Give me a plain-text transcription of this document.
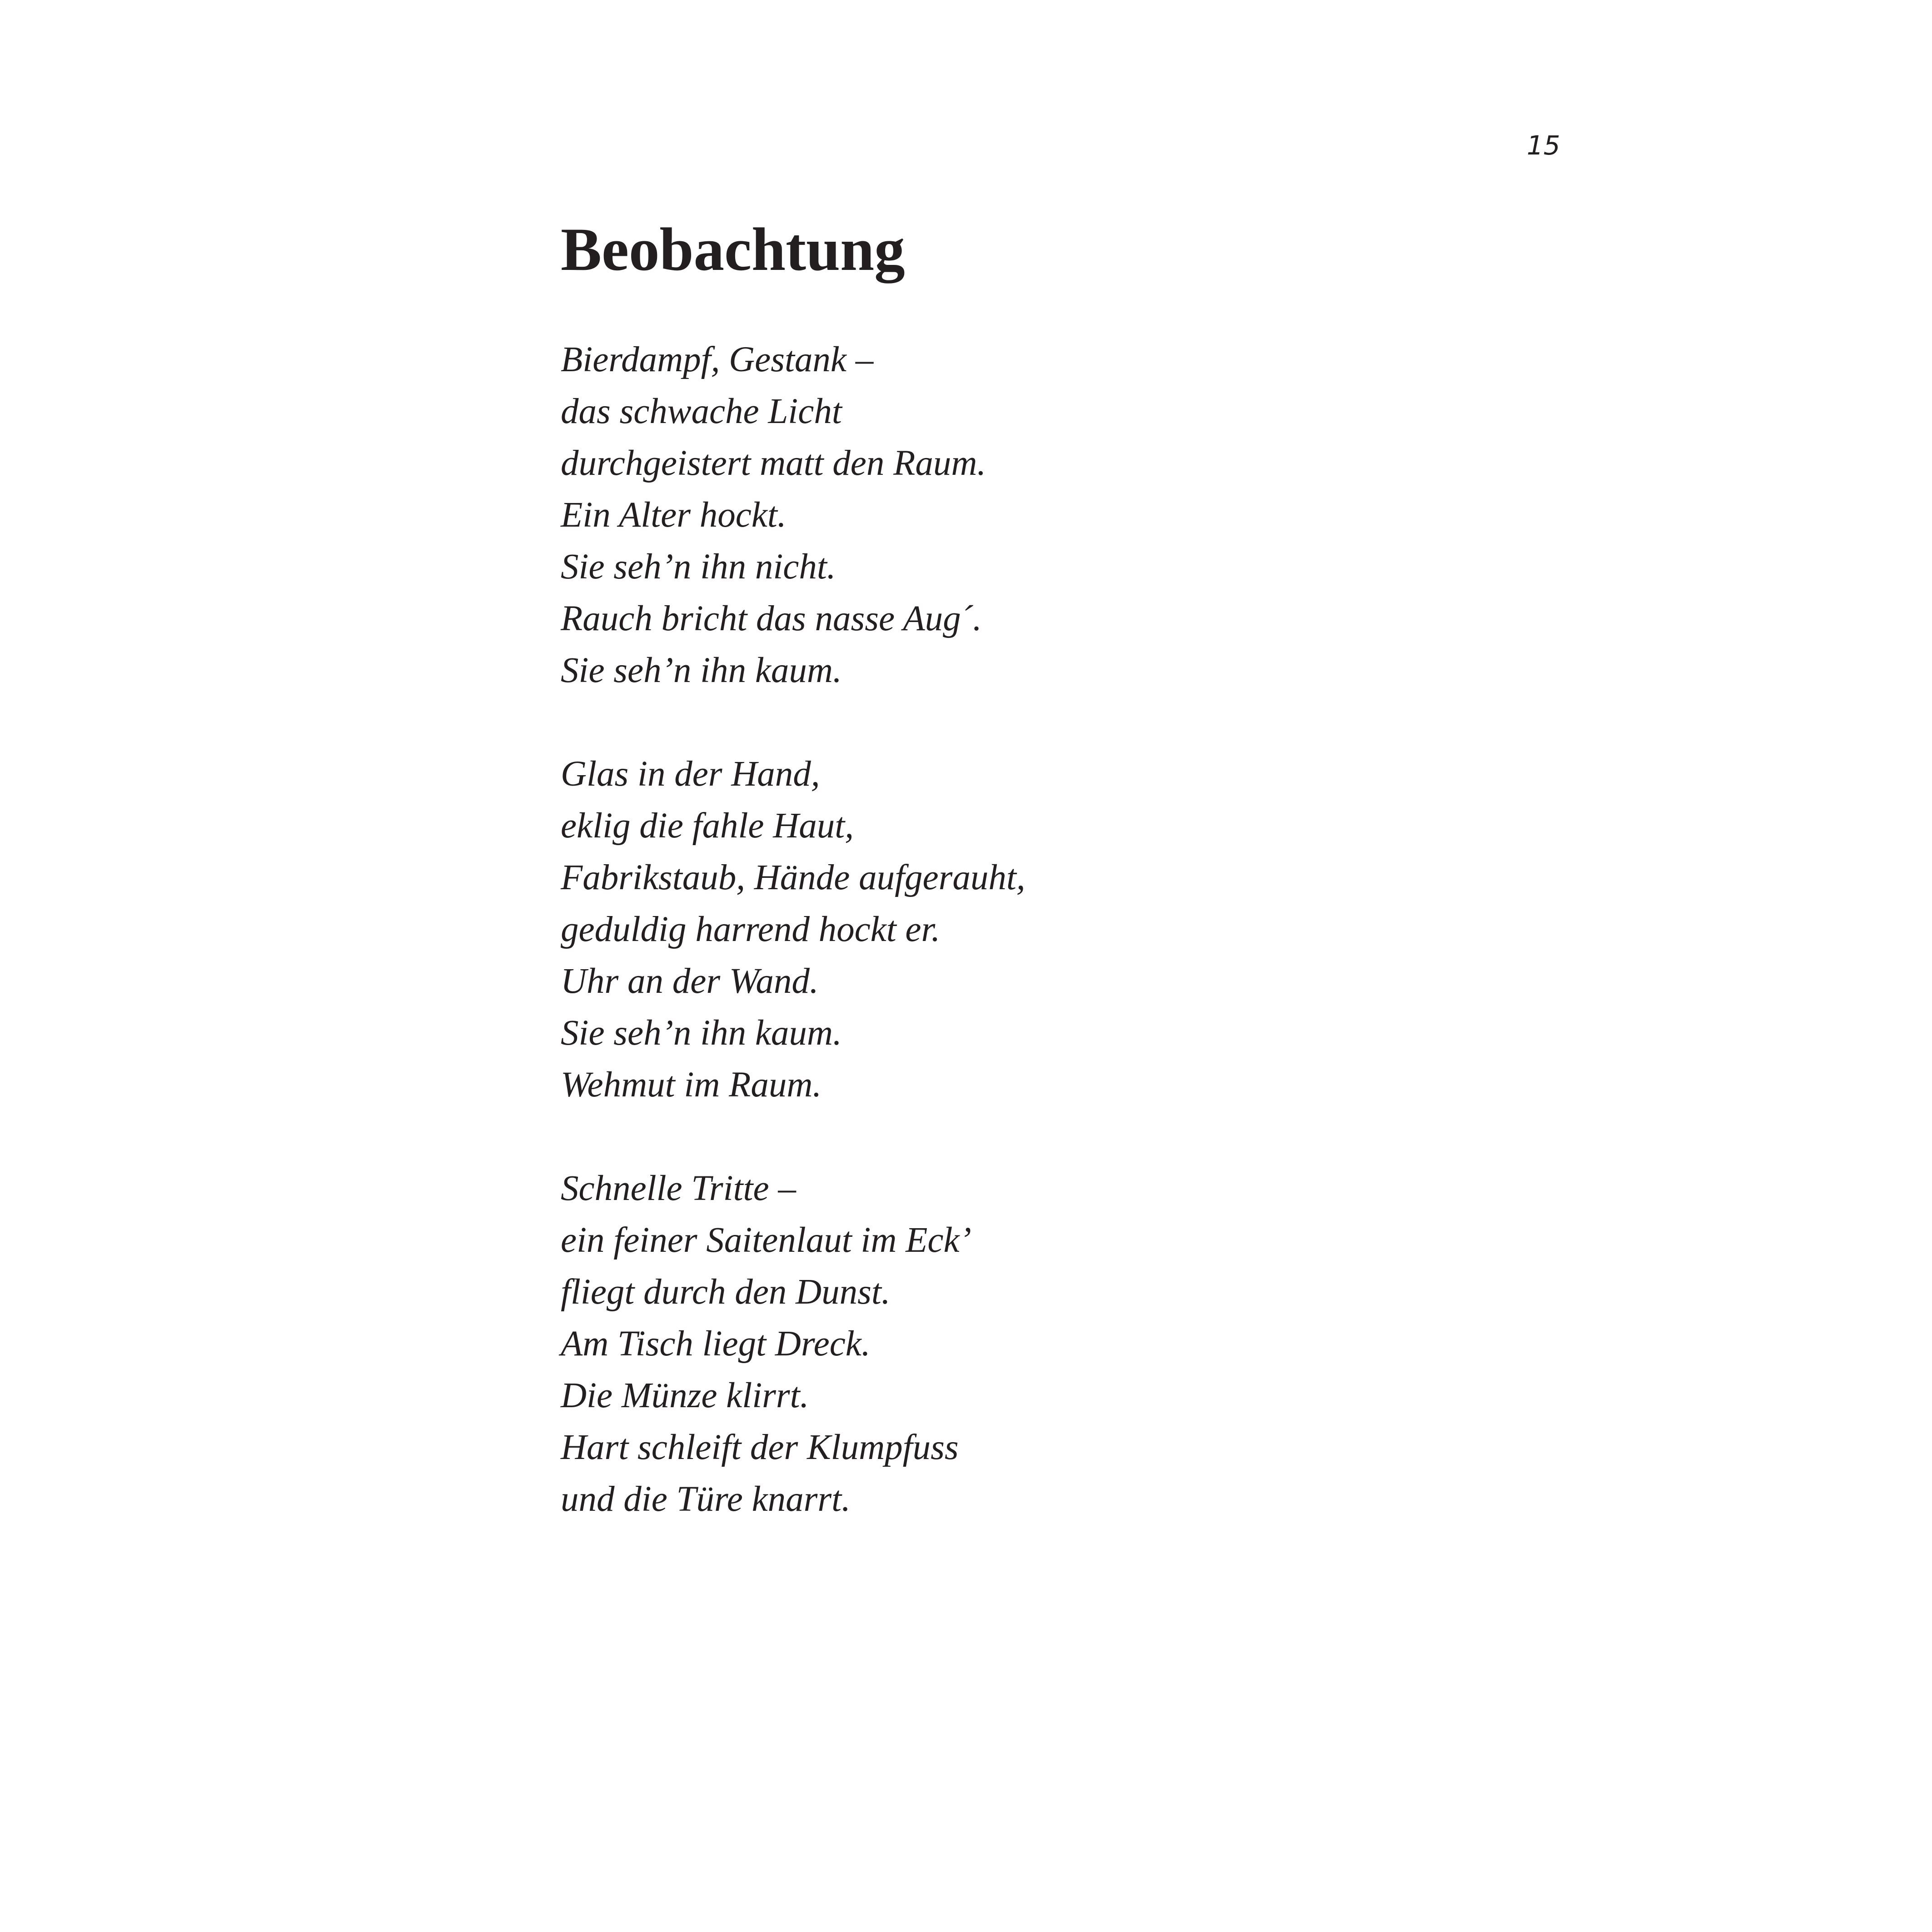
15
Beobachtung
Bierdampf, Gestank –
das schwache Licht
durchgeistert matt den Raum.
Ein Alter hockt.
Sie seh’n ihn nicht.
Rauch bricht das nasse Aug´.
Sie seh’n ihn kaum.
Glas in der Hand,
eklig die fahle Haut,
Fabrikstaub, Hände aufgerauht,
geduldig harrend hockt er.
Uhr an der Wand.
Sie seh’n ihn kaum.
Wehmut im Raum.
Schnelle Tritte –
ein feiner Saitenlaut im Eck’
fliegt durch den Dunst.
Am Tisch liegt Dreck.
Die Münze klirrt.
Hart schleift der Klumpfuss
und die Türe knarrt.
